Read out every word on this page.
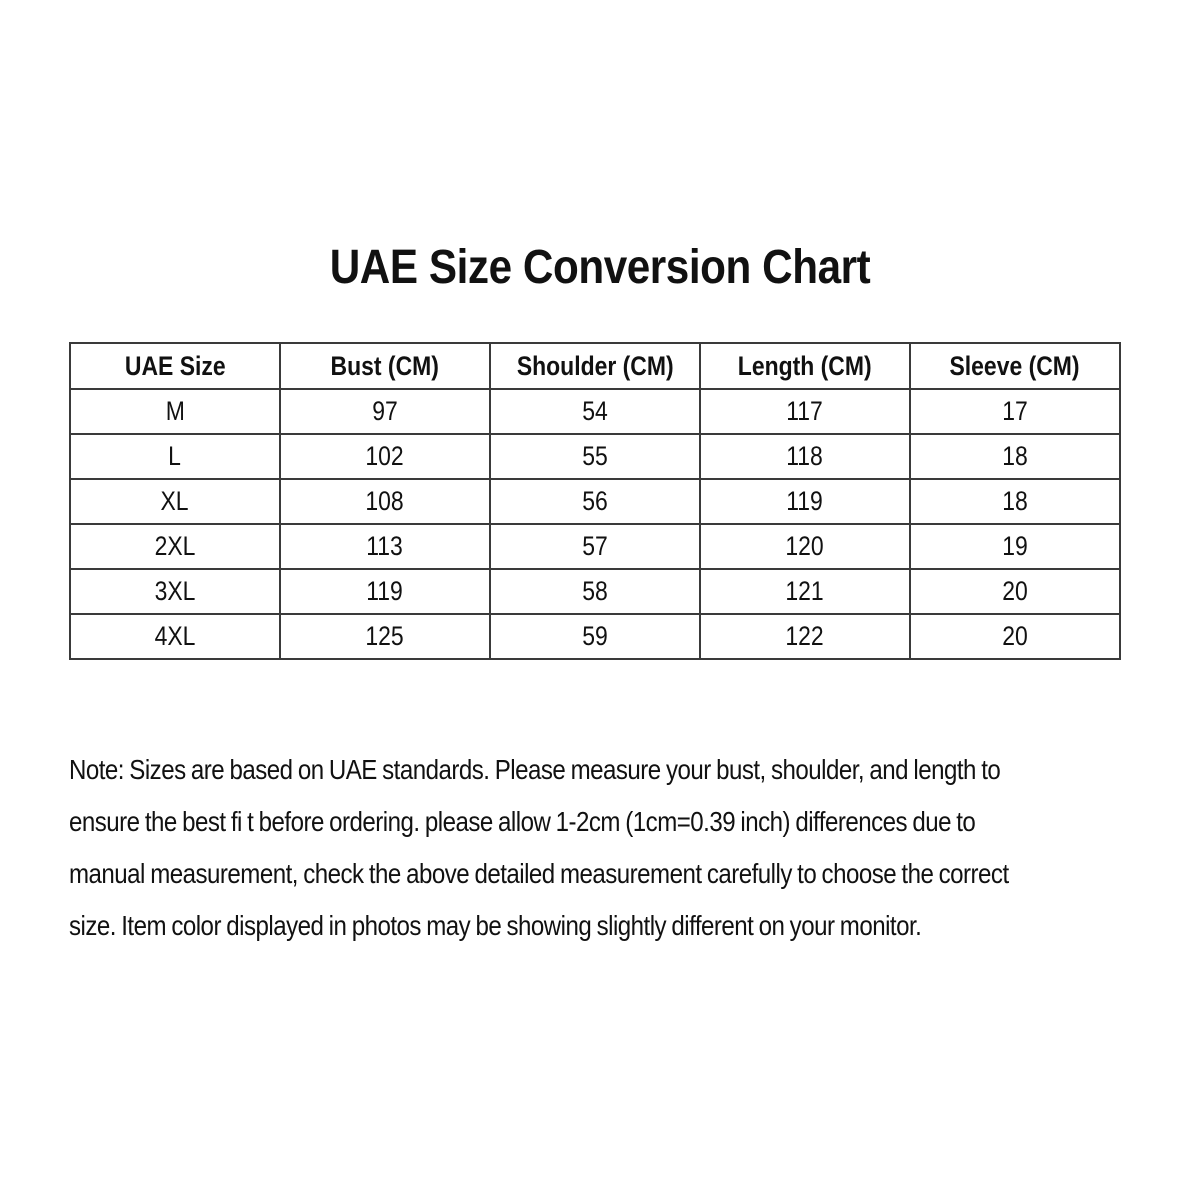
UAE Size Conversion Chart
UAE Size	Bust (CM)	Shoulder (CM)	Length (CM)	Sleeve (CM)
M	97	54	117	17
L	102	55	118	18
XL	108	56	119	18
2XL	113	57	120	19
3XL	119	58	121	20
4XL	125	59	122	20
Note: Sizes are based on UAE standards. Please measure your bust, shoulder, and length to
ensure the best fi t before ordering. please allow 1-2cm (1cm=0.39 inch) differences due to
manual measurement, check the above detailed measurement carefully to choose the correct
size. Item color displayed in photos may be showing slightly different on your monitor.
